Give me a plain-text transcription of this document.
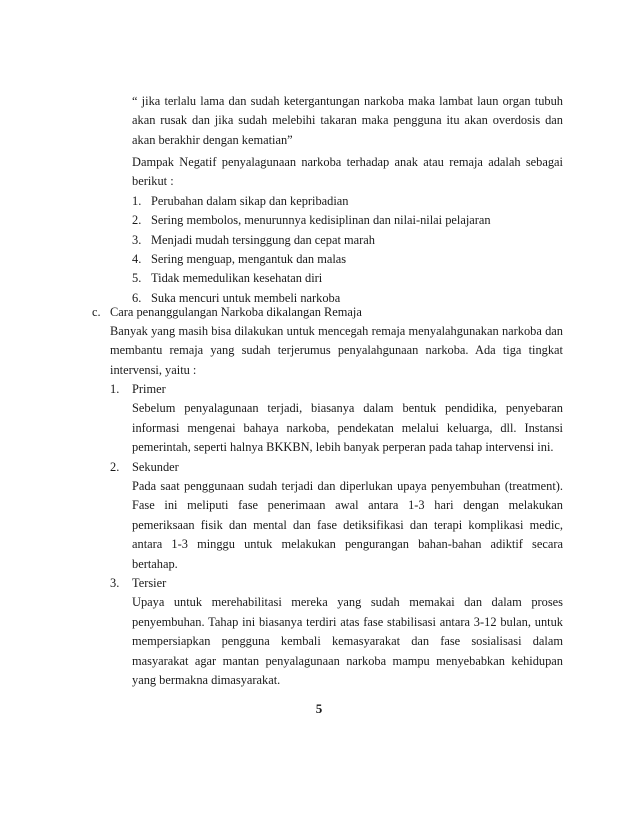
“ jika terlalu lama dan sudah ketergantungan narkoba maka lambat laun organ tubuh akan rusak dan jika sudah melebihi takaran maka pengguna itu akan overdosis dan akan berakhir dengan kematian”

Dampak Negatif penyalagunaan narkoba terhadap anak atau remaja adalah sebagai berikut :

1. Perubahan dalam sikap dan kepribadian
2. Sering membolos, menurunnya kedisiplinan dan nilai-nilai pelajaran
3. Menjadi mudah tersinggung dan cepat marah
4. Sering menguap, mengantuk dan malas
5. Tidak memedulikan kesehatan diri
6. Suka mencuri untuk membeli narkoba
c. Cara penanggulangan Narkoba dikalangan Remaja

Banyak yang masih bisa dilakukan untuk mencegah remaja menyalahgunakan narkoba dan membantu remaja yang sudah terjerumus penyalahgunaan narkoba. Ada tiga tingkat intervensi, yaitu :

1. Primer

Sebelum penyalagunaan terjadi, biasanya dalam bentuk pendidika, penyebaran informasi mengenai bahaya narkoba, pendekatan melalui keluarga, dll. Instansi pemerintah, seperti halnya BKKBN, lebih banyak perperan pada tahap intervensi ini.

2. Sekunder

Pada saat penggunaan sudah terjadi dan diperlukan upaya penyembuhan (treatment). Fase ini meliputi fase penerimaan awal antara 1-3 hari dengan melakukan pemeriksaan fisik dan mental dan fase detiksifikasi dan terapi komplikasi medic, antara 1-3 minggu untuk melakukan pengurangan bahan-bahan adiktif secara bertahap.

3. Tersier

Upaya untuk merehabilitasi mereka yang sudah memakai dan dalam proses penyembuhan. Tahap ini biasanya terdiri atas fase stabilisasi antara 3-12 bulan, untuk mempersiapkan pengguna kembali kemasyarakat dan fase sosialisasi dalam masyarakat agar mantan penyalagunaan narkoba mampu menyebabkan kehidupan yang bermakna dimasyarakat.

5
